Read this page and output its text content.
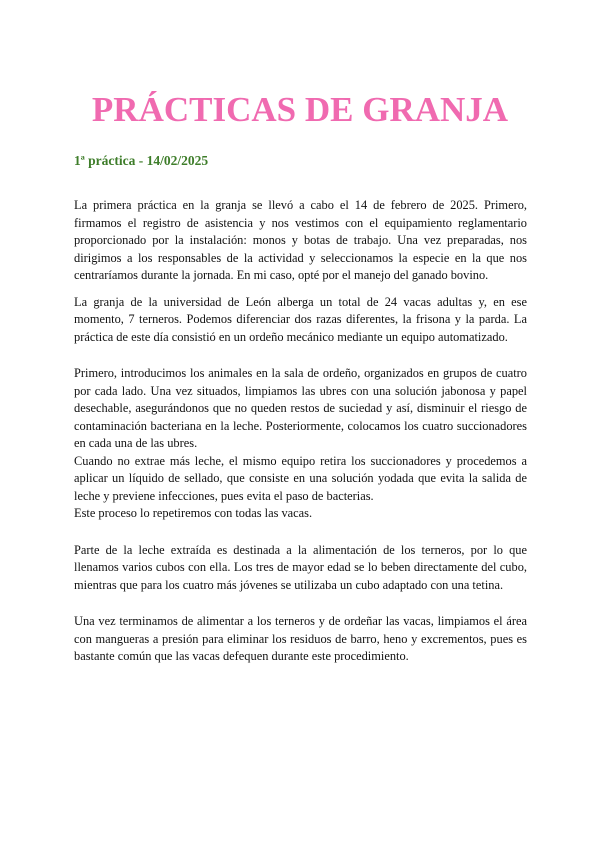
PRÁCTICAS DE GRANJA
1ª práctica - 14/02/2025

La primera práctica en la granja se llevó a cabo el 14 de febrero de 2025. Primero, firmamos el registro de asistencia y nos vestimos con el equipamiento reglamentario proporcionado por la instalación: monos y botas de trabajo. Una vez preparadas, nos dirigimos a los responsables de la actividad y seleccionamos la especie en la que nos centraríamos durante la jornada. En mi caso, opté por el manejo del ganado bovino.

La granja de la universidad de León alberga un total de 24 vacas adultas y, en ese momento, 7 terneros. Podemos diferenciar dos razas diferentes, la frisona y la parda. La práctica de este día consistió en un ordeño mecánico mediante un equipo automatizado.

Primero, introducimos los animales en la sala de ordeño, organizados en grupos de cuatro por cada lado. Una vez situados, limpiamos las ubres con una solución jabonosa y papel desechable, asegurándonos que no queden restos de suciedad y así, disminuir el riesgo de contaminación bacteriana en la leche. Posteriormente, colocamos los cuatro succionadores en cada una de las ubres.

Cuando no extrae más leche, el mismo equipo retira los succionadores y procedemos a aplicar un líquido de sellado, que consiste en una solución yodada que evita la salida de leche y previene infecciones, pues evita el paso de bacterias.

Este proceso lo repetiremos con todas las vacas.

Parte de la leche extraída es destinada a la alimentación de los terneros, por lo que llenamos varios cubos con ella. Los tres de mayor edad se lo beben directamente del cubo, mientras que para los cuatro más jóvenes se utilizaba un cubo adaptado con una tetina.

Una vez terminamos de alimentar a los terneros y de ordeñar las vacas, limpiamos el área con mangueras a presión para eliminar los residuos de barro, heno y excrementos, pues es bastante común que las vacas defequen durante este procedimiento.
